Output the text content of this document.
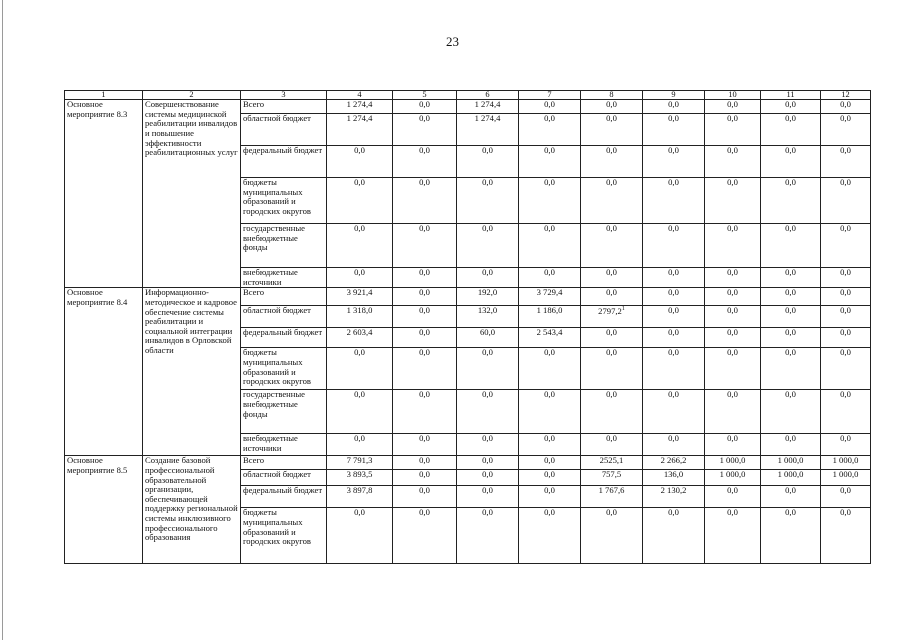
23
1	2	3	4	5	6	7	8	9	10	11	12
Основное мероприятие 8.3	Совершенствование системы медицинской реабилитации инвалидов и повышение эффективности реабилитационных услуг	Всего	1 274,4	0,0	1 274,4	0,0	0,0	0,0	0,0	0,0	0,0
		областной бюджет	1 274,4	0,0	1 274,4	0,0	0,0	0,0	0,0	0,0	0,0
		федеральный бюджет	0,0	0,0	0,0	0,0	0,0	0,0	0,0	0,0	0,0
		бюджеты муниципальных образований и городских округов	0,0	0,0	0,0	0,0	0,0	0,0	0,0	0,0	0,0
		государственные внебюджетные фонды	0,0	0,0	0,0	0,0	0,0	0,0	0,0	0,0	0,0
		внебюджетные источники	0,0	0,0	0,0	0,0	0,0	0,0	0,0	0,0	0,0
Основное мероприятие 8.4	Информационно-методическое и кадровое обеспечение системы реабилитации и социальной интеграции инвалидов в Орловской области	Всего	3 921,4	0,0	192,0	3 729,4	0,0	0,0	0,0	0,0	0,0
		областной бюджет	1 318,0	0,0	132,0	1 186,0	2797,2$^1$	0,0	0,0	0,0	0,0
		федеральный бюджет	2 603,4	0,0	60,0	2 543,4	0,0	0,0	0,0	0,0	0,0
		бюджеты муниципальных образований и городских округов	0,0	0,0	0,0	0,0	0,0	0,0	0,0	0,0	0,0
		государственные внебюджетные фонды	0,0	0,0	0,0	0,0	0,0	0,0	0,0	0,0	0,0
		внебюджетные источники	0,0	0,0	0,0	0,0	0,0	0,0	0,0	0,0	0,0
Основное мероприятие 8.5	Создание базовой профессиональной образовательной организации, обеспечивающей поддержку региональной системы инклюзивного профессионального образования	Всего	7 791,3	0,0	0,0	0,0	2525,1	2 266,2	1 000,0	1 000,0	1 000,0
		областной бюджет	3 893,5	0,0	0,0	0,0	757,5	136,0	1 000,0	1 000,0	1 000,0
		федеральный бюджет	3 897,8	0,0	0,0	0,0	1 767,6	2 130,2	0,0	0,0	0,0
		бюджеты муниципальных образований и городских округов	0,0	0,0	0,0	0,0	0,0	0,0	0,0	0,0	0,0
